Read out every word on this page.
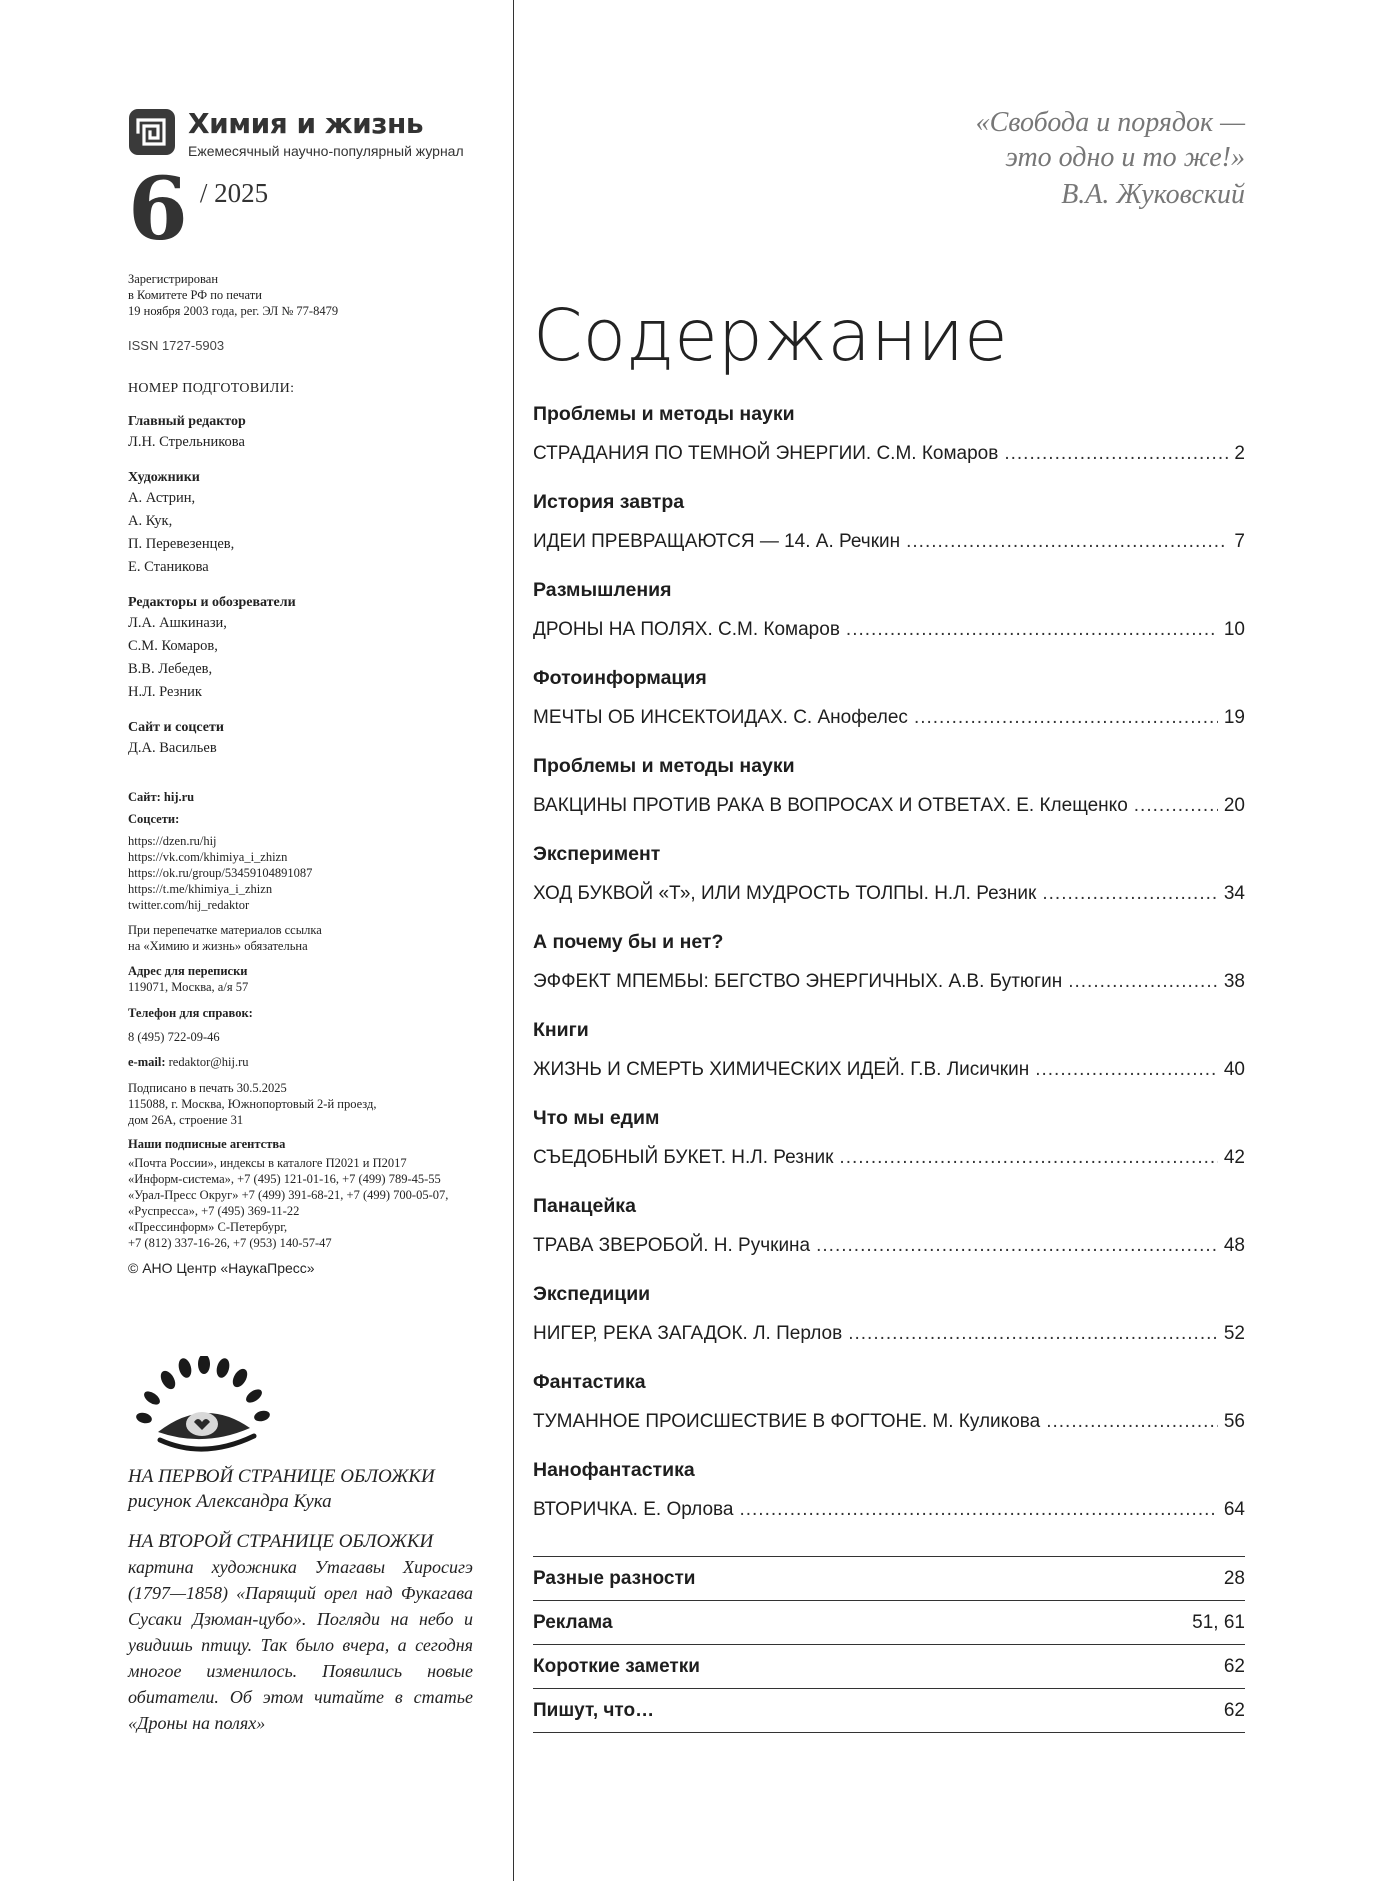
Химия и жизнь
Ежемесячный научно-популярный журнал
6 / 2025
Зарегистрирован
в Комитете РФ по печати
19 ноября 2003 года, рег. ЭЛ № 77-8479
ISSN 1727-5903
НОМЕР ПОДГОТОВИЛИ:
Главный редактор
Л.Н. Стрельникова
Художники
А. Астрин,
А. Кук,
П. Перевезенцев,
Е. Станикова
Редакторы и обозреватели
Л.А. Ашкинази,
С.М. Комаров,
В.В. Лебедев,
Н.Л. Резник
Сайт и соцсети
Д.А. Васильев
Сайт: hij.ru
Соцсети:
https://dzen.ru/hij
https://vk.com/khimiya_i_zhizn
https://ok.ru/group/53459104891087
https://t.me/khimiya_i_zhizn
twitter.com/hij_redaktor
При перепечатке материалов ссылка
на «Химию и жизнь» обязательна
Адрес для переписки
119071, Москва, а/я 57
Телефон для справок:
8 (495) 722-09-46
e-mail: redaktor@hij.ru
Подписано в печать 30.5.2025
115088, г. Москва, Южнопортовый 2-й проезд,
дом 26А, строение 31
Наши подписные агентства
«Почта России», индексы в каталоге П2021 и П2017
«Информ-система», +7 (495) 121-01-16, +7 (499) 789-45-55
«Урал-Пресс Округ» +7 (499) 391-68-21, +7 (499) 700-05-07,
«Руспресса», +7 (495) 369-11-22
«Прессинформ» С-Петербург,
+7 (812) 337-16-26, +7 (953) 140-57-47
© АНО Центр «НаукаПресс»
НА ПЕРВОЙ СТРАНИЦЕ ОБЛОЖКИ
рисунок Александра Кука
НА ВТОРОЙ СТРАНИЦЕ ОБЛОЖКИ
картина художника Утагавы Хиросигэ (1797—1858) «Парящий орел над Фукагава Сусаки Дзюман-цубо». Погляди на небо и увидишь птицу. Так было вчера, а сегодня многое изменилось. Появились новые обитатели. Об этом читайте в статье «Дроны на полях»
«Свобода и порядок —
это одно и то же!»
В.А. Жуковский
Содержание
Проблемы и методы науки
СТРАДАНИЯ ПО ТЕМНОЙ ЭНЕРГИИ. С.М. Комаров .....	2
История завтра
ИДЕИ ПРЕВРАЩАЮТСЯ — 14. А. Речкин .....	7
Размышления
ДРОНЫ НА ПОЛЯХ. С.М. Комаров .....	10
Фотоинформация
МЕЧТЫ ОБ ИНСЕКТОИДАХ. С. Анофелес .....	19
Проблемы и методы науки
ВАКЦИНЫ ПРОТИВ РАКА В ВОПРОСАХ И ОТВЕТАХ. Е. Клещенко .....	20
Эксперимент
ХОД БУКВОЙ «Т», ИЛИ МУДРОСТЬ ТОЛПЫ. Н.Л. Резник .....	34
А почему бы и нет?
ЭФФЕКТ МПЕМБЫ: БЕГСТВО ЭНЕРГИЧНЫХ. А.В. Бутюгин .....	38
Книги
ЖИЗНЬ И СМЕРТЬ ХИМИЧЕСКИХ ИДЕЙ. Г.В. Лисичкин .....	40
Что мы едим
СЪЕДОБНЫЙ БУКЕТ. Н.Л. Резник .....	42
Панацейка
ТРАВА ЗВЕРОБОЙ. Н. Ручкина .....	48
Экспедиции
НИГЕР, РЕКА ЗАГАДОК. Л. Перлов .....	52
Фантастика
ТУМАННОЕ ПРОИСШЕСТВИЕ В ФОГТОНЕ. М. Куликова .....	56
Нанофантастика
ВТОРИЧКА. Е. Орлова .....	64
Разные разности	28
Реклама	51, 61
Короткие заметки	62
Пишут, что…	62
